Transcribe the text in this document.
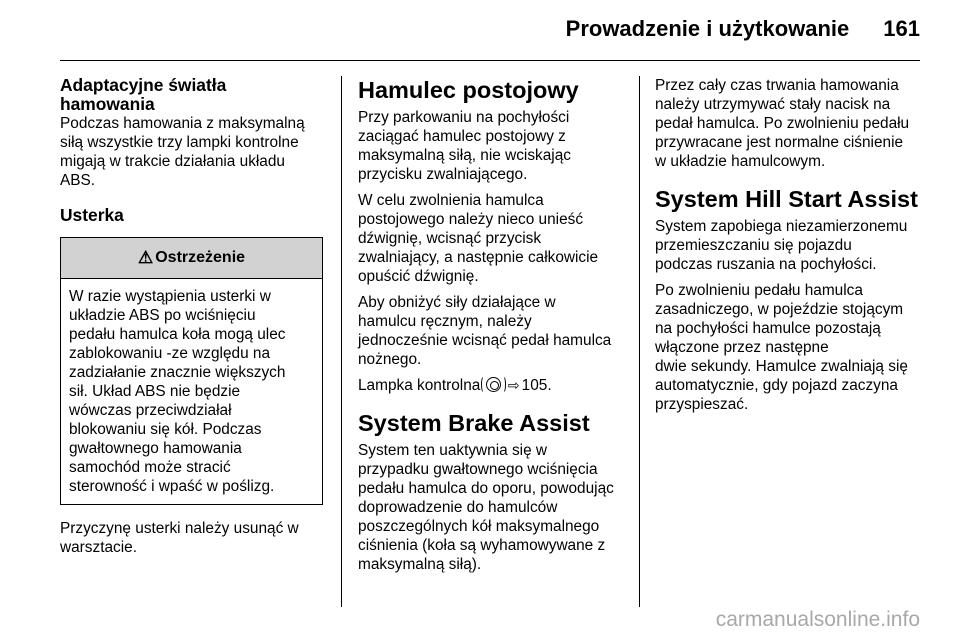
Prowadzenie i użytkowanie 161
Adaptacyjne światła
hamowania
Podczas hamowania z maksymalną
siłą wszystkie trzy lampki kontrolne
migają w trakcie działania układu
ABS.
Usterka
⚠ Ostrzeżenie
W razie wystąpienia usterki w
układzie ABS po wciśnięciu
pedału hamulca koła mogą ulec
zablokowaniu -ze względu na
zadziałanie znacznie większych
sił. Układ ABS nie będzie
wówczas przeciwdziałał
blokowaniu się kół. Podczas
gwałtownego hamowania
samochód może stracić
sterowność i wpaść w poślizg.
Przyczynę usterki należy usunąć w
warsztacie.
Hamulec postojowy
Przy parkowaniu na pochyłości
zaciągać hamulec postojowy z
maksymalną siłą, nie wciskając
przycisku zwalniającego.
W celu zwolnienia hamulca
postojowego należy nieco unieść
dźwignię, wcisnąć przycisk
zwalniający, a następnie całkowicie
opuścić dźwignię.
Aby obniżyć siły działające w
hamulcu ręcznym, należy
jednocześnie wcisnąć pedał hamulca
nożnego.
Lampka kontrolna ⇨ 105.
System Brake Assist
System ten uaktywnia się w
przypadku gwałtownego wciśnięcia
pedału hamulca do oporu, powodując
doprowadzenie do hamulców
poszczególnych kół maksymalnego
ciśnienia (koła są wyhamowywane z
maksymalną siłą).
Przez cały czas trwania hamowania
należy utrzymywać stały nacisk na
pedał hamulca. Po zwolnieniu pedału
przywracane jest normalne ciśnienie
w układzie hamulcowym.
System Hill Start Assist
System zapobiega niezamierzonemu
przemieszczaniu się pojazdu
podczas ruszania na pochyłości.
Po zwolnieniu pedału hamulca
zasadniczego, w pojeździe stojącym
na pochyłości hamulce pozostają
włączone przez następne
dwie sekundy. Hamulce zwalniają się
automatycznie, gdy pojazd zaczyna
przyspieszać.
carmanualsonline.info
